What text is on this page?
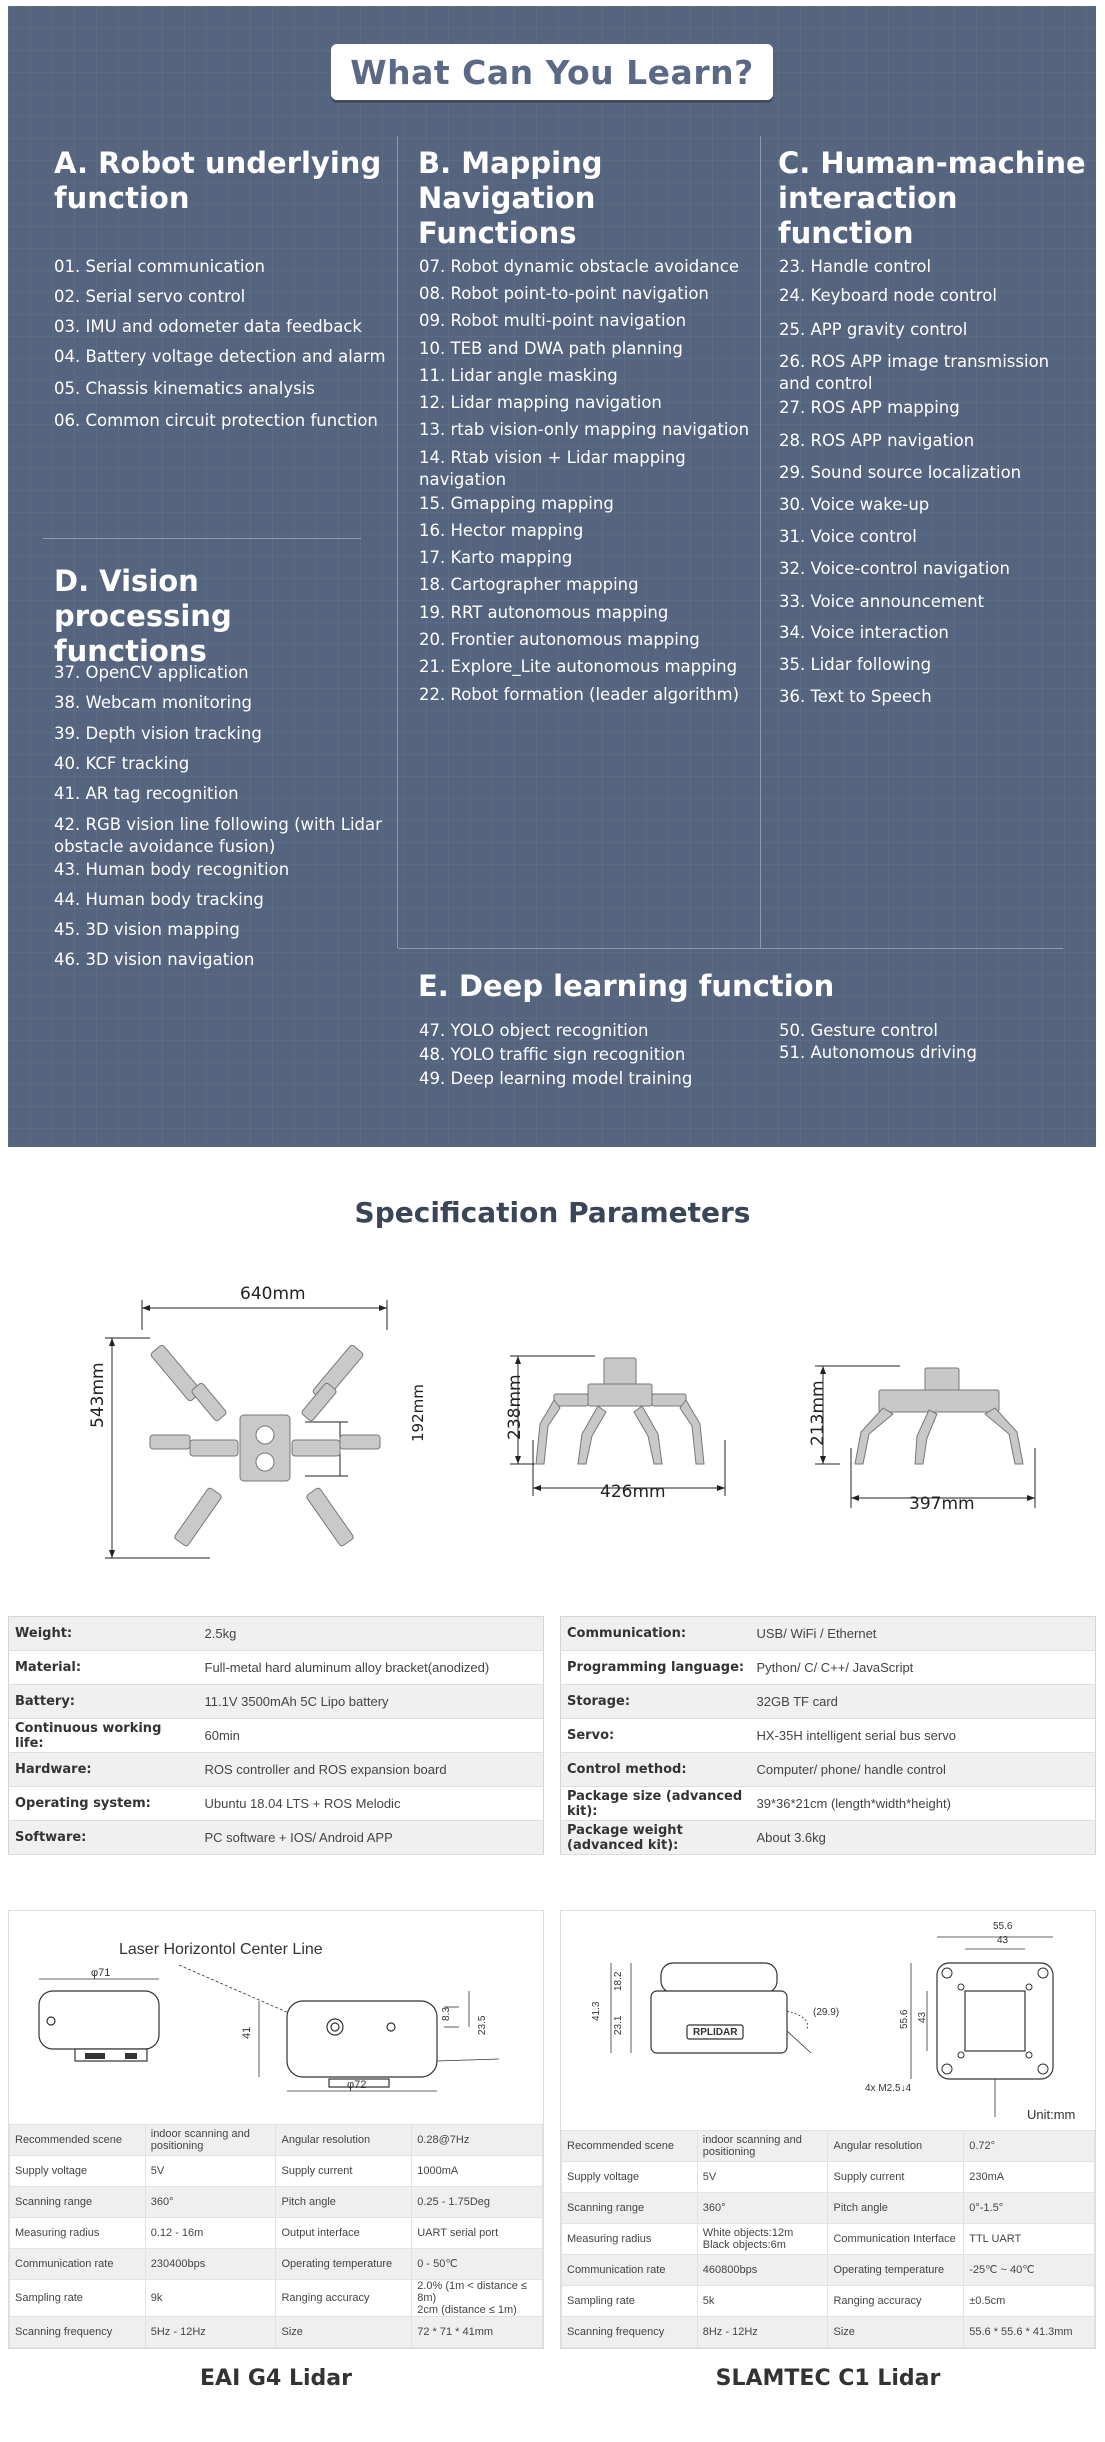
What Can You Learn?
A. Robot underlying function
01. Serial communication
02. Serial servo control
03. IMU and odometer data feedback
04. Battery voltage detection and alarm
05. Chassis kinematics analysis
06. Common circuit protection function
D. Vision processing functions
37. OpenCV application
38. Webcam monitoring
39. Depth vision tracking
40. KCF tracking
41. AR tag recognition
42. RGB vision line following (with Lidar obstacle avoidance fusion)
43. Human body recognition
44. Human body tracking
45. 3D vision mapping
46. 3D vision navigation
B. Mapping Navigation Functions
07. Robot dynamic obstacle avoidance
08. Robot point-to-point navigation
09. Robot multi-point navigation
10. TEB and DWA path planning
11. Lidar angle masking
12. Lidar mapping navigation
13. rtab vision-only mapping navigation
14. Rtab vision + Lidar mapping navigation
15. Gmapping mapping
16. Hector mapping
17. Karto mapping
18. Cartographer mapping
19. RRT autonomous mapping
20. Frontier autonomous mapping
21. Explore_Lite autonomous mapping
22. Robot formation (leader algorithm)
C. Human-machine interaction function
23. Handle control
24. Keyboard node control
25. APP gravity control
26. ROS APP image transmission and control
27. ROS APP mapping
28. ROS APP navigation
29. Sound source localization
30. Voice wake-up
31. Voice control
32. Voice-control navigation
33. Voice announcement
34. Voice interaction
35. Lidar following
36. Text to Speech
E. Deep learning function
47. YOLO object recognition
48. YOLO traffic sign recognition
49. Deep learning model training
50. Gesture control
51. Autonomous driving
Specification Parameters
640mm
543mm	192mm	238mm
426mm
213mm
397mm
Weight:	2.5kg
Material:	Full-metal hard aluminum alloy bracket(anodized)
Battery:	11.1V 3500mAh 5C Lipo battery
Continuous working life:	60min
Hardware:	ROS controller and ROS expansion board
Operating system:	Ubuntu 18.04 LTS + ROS Melodic
Software:	PC software + IOS/ Android APP
Communication:	USB/ WiFi / Ethernet
Programming language:	Python/ C/ C++/ JavaScript
Storage:	32GB TF card
Servo:	HX-35H intelligent serial bus servo
Control method:	Computer/ phone/ handle control
Package size (advanced kit):	39*36*21cm (length*width*height)
Package weight (advanced kit):	About 3.6kg
Laser Horizontol Center Line
φ71
φ72
41
8.3
23.5
Recommended scene	indoor scanning and positioning	Angular resolution	0.28@7Hz
Supply voltage	5V	Supply current	1000mA
Scanning range	360°	Pitch angle	0.25 - 1.75Deg
Measuring radius	0.12 - 16m	Output interface	UART serial port
Communication rate	230400bps	Operating temperature	0 - 50℃
Sampling rate	9k	Ranging accuracy	2.0% (1m < distance ≤ 8m)
2cm (distance ≤ 1m)
Scanning frequency	5Hz - 12Hz	Size	72 * 71 * 41mm
EAI G4 Lidar
55.6
43
41.3
18.2
23.1
(29.9)	55.6 43
4x M2.5↓4
Unit:mm
RPLIDAR
Recommended scene	indoor scanning and positioning	Angular resolution	0.72°
Supply voltage	5V	Supply current	230mA
Scanning range	360°	Pitch angle	0°-1.5°
Measuring radius	White objects:12m
Black objects:6m	Communication Interface	TTL UART
Communication rate	460800bps	Operating temperature	-25℃ ~ 40℃
Sampling rate	5k	Ranging accuracy	±0.5cm
Scanning frequency	8Hz - 12Hz	Size	55.6 * 55.6 * 41.3mm
SLAMTEC C1 Lidar
